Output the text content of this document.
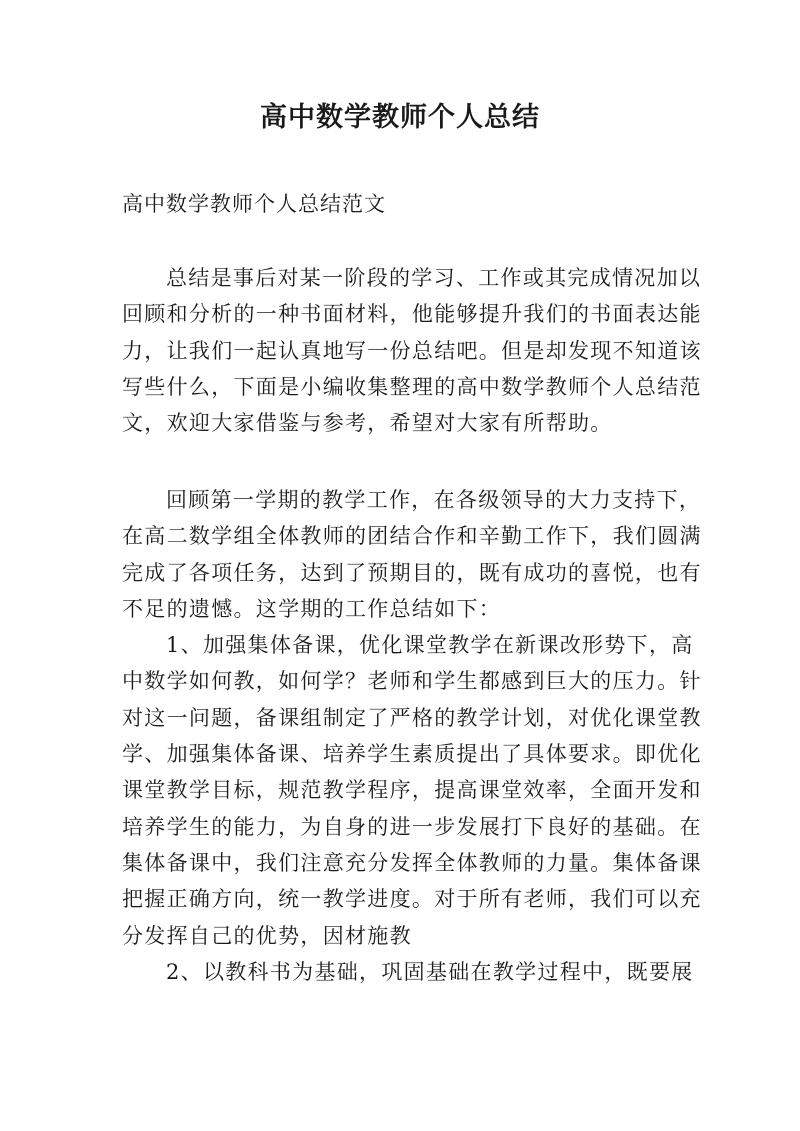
高中数学教师个人总结
高中数学教师个人总结范文
总结是事后对某一阶段的学习、工作或其完成情况加以
回顾和分析的一种书面材料，他能够提升我们的书面表达能
力，让我们一起认真地写一份总结吧。但是却发现不知道该
写些什么，下面是小编收集整理的高中数学教师个人总结范
文，欢迎大家借鉴与参考，希望对大家有所帮助。
回顾第一学期的教学工作，在各级领导的大力支持下，
在高二数学组全体教师的团结合作和辛勤工作下，我们圆满
完成了各项任务，达到了预期目的，既有成功的喜悦，也有
不足的遗憾。这学期的工作总结如下：
1、加强集体备课，优化课堂教学在新课改形势下，高
中数学如何教，如何学？老师和学生都感到巨大的压力。针
对这一问题，备课组制定了严格的教学计划，对优化课堂教
学、加强集体备课、培养学生素质提出了具体要求。即优化
课堂教学目标，规范教学程序，提高课堂效率，全面开发和
培养学生的能力，为自身的进一步发展打下良好的基础。在
集体备课中，我们注意充分发挥全体教师的力量。集体备课
把握正确方向，统一教学进度。对于所有老师，我们可以充
分发挥自己的优势，因材施教
2、以教科书为基础，巩固基础在教学过程中，既要展
